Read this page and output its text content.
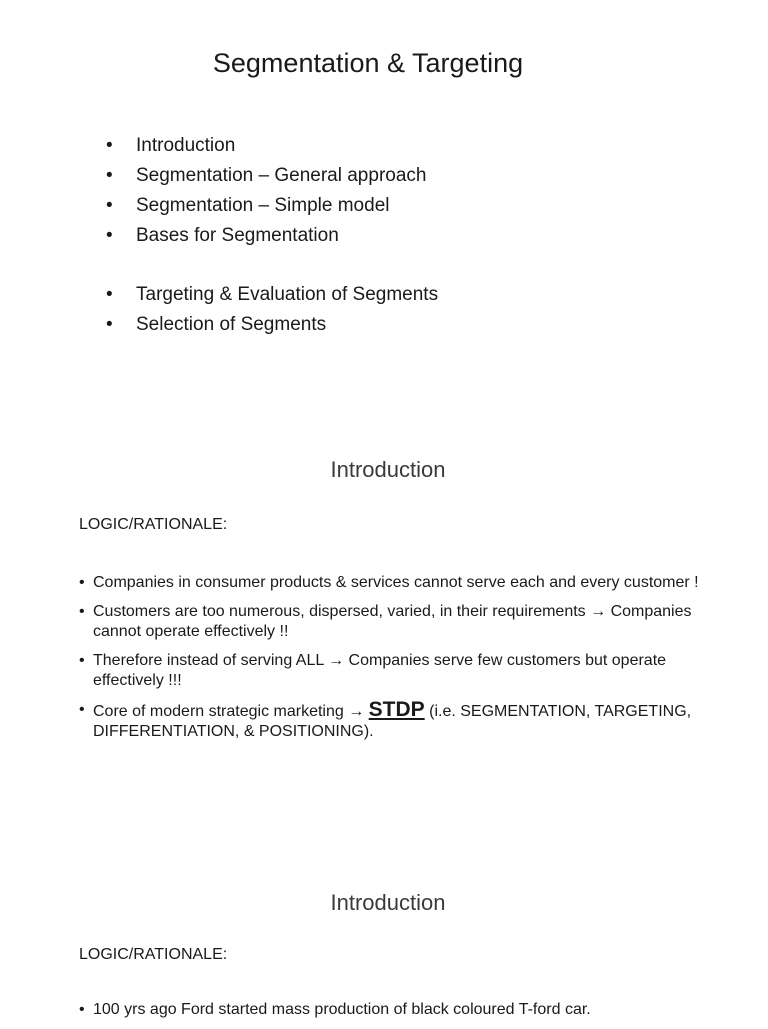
Segmentation & Targeting
• Introduction
• Segmentation – General approach
• Segmentation – Simple model
• Bases for Segmentation
• Targeting & Evaluation of Segments
• Selection of Segments
Introduction

LOGIC/RATIONALE:

• Companies in consumer products & services cannot serve each and every customer !
• Customers are too numerous, dispersed, varied, in their requirements → Companies cannot operate effectively !!
• Therefore instead of serving ALL → Companies serve few customers but operate effectively !!!
• Core of modern strategic marketing → STDP (i.e. SEGMENTATION, TARGETING, DIFFERENTIATION, & POSITIONING).
Introduction

LOGIC/RATIONALE:

• 100 yrs ago Ford started mass production of black coloured T-ford car.
